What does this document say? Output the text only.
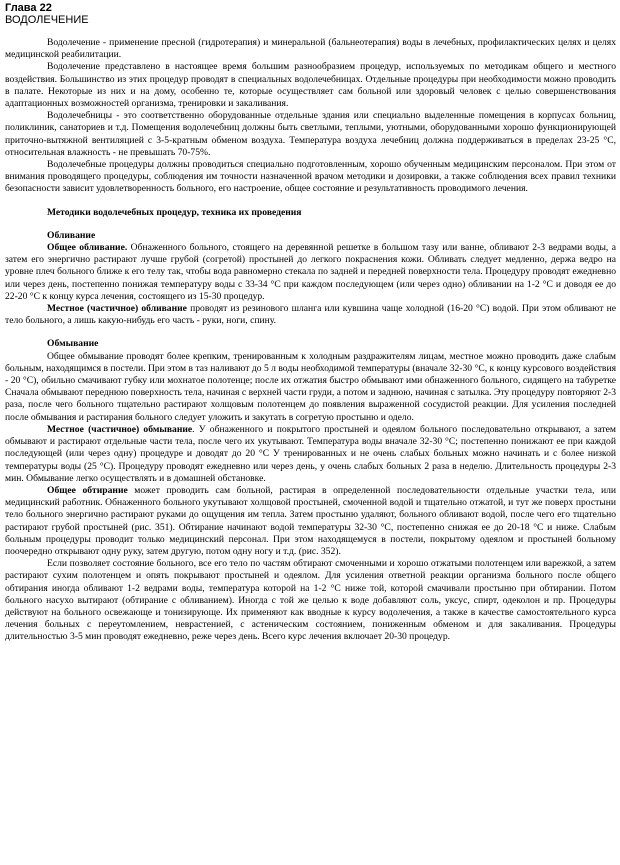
Глава 22
ВОДОЛЕЧЕНИЕ

Водолечение - применение пресной (гидротерапия) и минеральной (бальнеотерапия) воды в лечебных, профилактических целях и целях медицинской реабилитации.

Водолечение представлено в настоящее время большим разнообразием процедур, используемых по методикам общего и местного воздействия. Большинство из этих процедур проводят в специальных водолечебницах. Отдельные процедуры при необходимости можно проводить в палате. Некоторые из них и на дому, особенно те, которые осуществляет сам больной или здоровый человек с целью совершенствования адаптационных возможностей организма, тренировки и закаливания.

Водолечебницы - это соответственно оборудованные отдельные здания или специально выделенные помещения в корпусах больниц, поликлиник, санаториев и т.д. Помещения водолечебниц должны быть светлыми, теплыми, уютными, оборудованными хорошо функционирующей приточно-вытяжной вентиляцией с 3-5-кратным обменом воздуха. Температура воздуха лечебниц должна поддерживаться в пределах 23-25 °С, относительная влажность - не превышать 70-75%.

Водолечебные процедуры должны проводиться специально подготовленным, хорошо обученным медицинским персоналом. При этом от внимания проводящего процедуры, соблюдения им точности назначенной врачом методики и дозировки, а также соблюдения всех правил техники безопасности зависит удовлетворенность больного, его настроение, общее состояние и результативность проводимого лечения.

Методики водолечебных процедур, техника их проведения
Обливание

Общее обливание. Обнаженного больного, стоящего на деревянной решетке в большом тазу или ванне, обливают 2-3 ведрами воды, а затем его энергично растирают лучше грубой (согретой) простыней до легкого покраснения кожи. Обливать следует медленно, держа ведро на уровне плеч больного ближе к его телу так, чтобы вода равномерно стекала по задней и передней поверхности тела. Процедуру проводят ежедневно или через день, постепенно понижая температуру воды с 33-34 °С при каждом последующем (или через одно) обливании на 1-2 °С и доводя ее до 22-20 °С к концу курса лечения, состоящего из 15-30 процедур.

Местное (частичное) обливание проводят из резинового шланга или кувшина чаще холодной (16-20 °С) водой. При этом обливают не тело больного, а лишь какую-нибудь его часть - руки, ноги, спину.

Обмывание

Общее обмывание проводят более крепким, тренированным к холодным раздражителям лицам, местное можно проводить даже слабым больным, находящимся в постели. При этом в таз наливают до 5 л воды необходимой температуры (вначале 32-30 °С, к концу курсового воздействия - 20 °С), обильно смачивают губку или мохнатое полотенце; после их отжатия быстро обмывают ими обнаженного больного, сидящего на табуретке Сначала обмывают переднюю поверхность тела, начиная с верхней части груди, а потом и заднюю, начиная с затылка. Эту процедуру повторяют 2-3 раза, после чего больного тщательно растирают холщовым полотенцем до появления выраженной сосудистой реакции. Для усиления последней после обмывания и растирания больного следует уложить и закутать в согретую простыню и одело.

Местное (частичное) обмывание. У обнаженного и покрытого простыней и одеялом больного последовательно открывают, а затем обмывают и растирают отдельные части тела, после чего их укутывают. Температура воды вначале 32-30 °С; постепенно понижают ее при каждой последующей (или через одну) процедуре и доводят до 20 °С У тренированных и не очень слабых больных можно начинать и с более низкой температуры воды (25 °С). Процедуру проводят ежедневно или через день, у очень слабых больных 2 раза в неделю. Длительность процедуры 2-3 мин. Обмывание легко осуществлять и в домашней обстановке.

Общее обтирание может проводить сам больной, растирая в определенной последовательности отдельные участки тела, или медицинский работник. Обнаженного больного укутывают холщовой простыней, смоченной водой и тщательно отжатой, и тут же поверх простыни тело больного энергично растирают руками до ощущения им тепла. Затем простыню удаляют, больного обливают водой, после чего его тщательно растирают грубой простыней (рис. 351). Обтирание начинают водой температуры 32-30 °С, постепенно снижая ее до 20-18 °С и ниже. Слабым больным процедуры проводит только медицинский персонал. При этом находящемуся в постели, покрытому одеялом и простыней больному поочередно открывают одну руку, затем другую, потом одну ногу и т.д. (рис. 352).

Если позволяет состояние больного, все его тело по частям обтирают смоченными и хорошо отжатыми полотенцем или варежкой, а затем растирают сухим полотенцем и опять покрывают простыней и одеялом. Для усиления ответной реакции организма больного после общего обтирания иногда обливают 1-2 ведрами воды, температура которой на 1-2 °С ниже той, которой смачивали простыню при обтирании. Потом больного насухо вытирают (обтирание с обливанием). Иногда с той же целью к воде добавляют соль, уксус, спирт, одеколон и пр. Процедуры действуют на больного освежающе и тонизирующе. Их применяют как вводные к курсу водолечения, а также в качестве самостоятельного курса лечения больных с переутомлением, неврастенией, с астеническим состоянием, пониженным обменом и для закаливания. Процедуры длительностью 3-5 мин проводят ежедневно, реже через день. Всего курс лечения включает 20-30 процедур.
